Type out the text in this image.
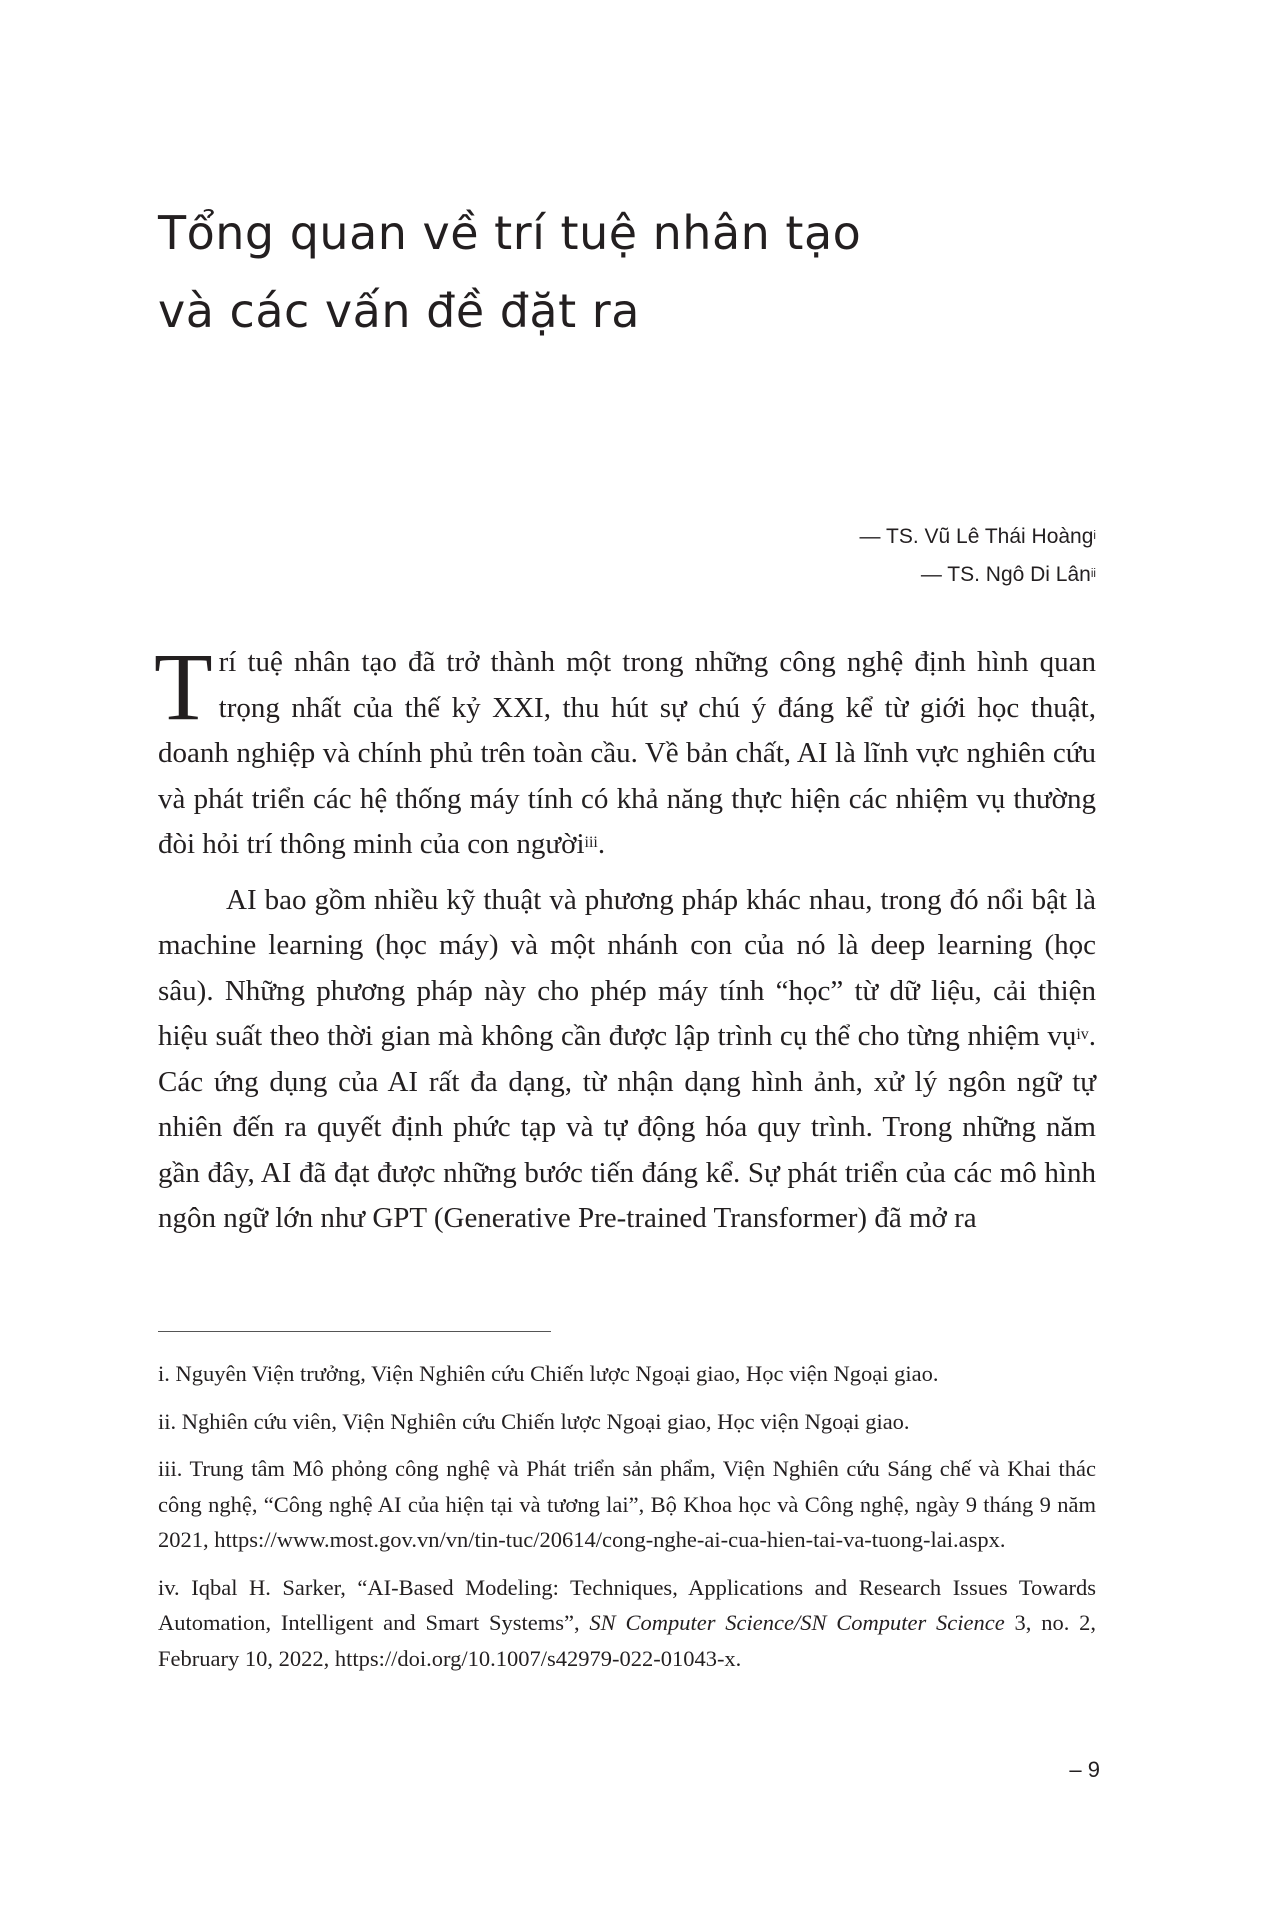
Tổng quan về trí tuệ nhân tạo
và các vấn đề đặt ra
— TS. Vũ Lê Thái Hoàng$^i$
— TS. Ngô Di Lân$^{ii}$

Trí tuệ nhân tạo đã trở thành một trong những công nghệ định hình quan trọng nhất của thế kỷ XXI, thu hút sự chú ý đáng kể từ giới học thuật, doanh nghiệp và chính phủ trên toàn cầu. Về bản chất, AI là lĩnh vực nghiên cứu và phát triển các hệ thống máy tính có khả năng thực hiện các nhiệm vụ thường đòi hỏi trí thông minh của con người$^{iii}$.

AI bao gồm nhiều kỹ thuật và phương pháp khác nhau, trong đó nổi bật là machine learning (học máy) và một nhánh con của nó là deep learning (học sâu). Những phương pháp này cho phép máy tính “học” từ dữ liệu, cải thiện hiệu suất theo thời gian mà không cần được lập trình cụ thể cho từng nhiệm vụ$^{iv}$. Các ứng dụng của AI rất đa dạng, từ nhận dạng hình ảnh, xử lý ngôn ngữ tự nhiên đến ra quyết định phức tạp và tự động hóa quy trình. Trong những năm gần đây, AI đã đạt được những bước tiến đáng kể. Sự phát triển của các mô hình ngôn ngữ lớn như GPT (Generative Pre-trained Transformer) đã mở ra

i. Nguyên Viện trưởng, Viện Nghiên cứu Chiến lược Ngoại giao, Học viện Ngoại giao.

ii. Nghiên cứu viên, Viện Nghiên cứu Chiến lược Ngoại giao, Học viện Ngoại giao.

iii. Trung tâm Mô phỏng công nghệ và Phát triển sản phẩm, Viện Nghiên cứu Sáng chế và Khai thác công nghệ, “Công nghệ AI của hiện tại và tương lai”, Bộ Khoa học và Công nghệ, ngày 9 tháng 9 năm 2021, https://www.most.gov.vn/vn/tin-tuc/20614/cong-nghe-ai-cua-hien-tai-va-tuong-lai.aspx.

iv. Iqbal H. Sarker, “AI-Based Modeling: Techniques, Applications and Research Issues Towards Automation, Intelligent and Smart Systems”, SN Computer Science/SN Computer Science 3, no. 2, February 10, 2022, https://doi.org/10.1007/s42979-022-01043-x.

– 9
